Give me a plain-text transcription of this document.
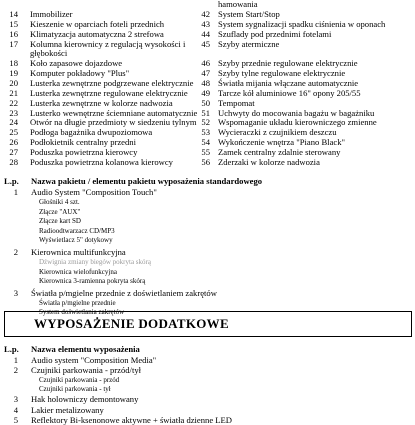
14 Immobilizer
15 Kieszenie w oparciach foteli przednich
16 Klimatyzacja automatyczna 2 strefowa
17 Kolumna kierownicy z regulacją wysokości i
głębokości
18 Koło zapasowe dojazdowe
19 Komputer pokładowy "Plus"
20 Lusterka zewnętrzne podgrzewane elektrycznie
21 Lusterka zewnętrzne regulowane elektrycznie
22 Lusterka zewnętrzne w kolorze nadwozia
23 Lusterko wewnętrzne ściemniane automatycznie
24 Otwór na długie przedmioty w siedzeniu tylnym
25 Podłoga bagażnika dwupoziomowa
26 Podłokietnik centralny przedni
27 Poduszka powietrzna kierowcy
28 Poduszka powietrzna kolanowa kierowcy
42 System Start/Stop
43 System sygnalizacji spadku ciśnienia w oponach
44 Szuflady pod przednimi fotelami
45 Szyby atermiczne
46 Szyby przednie regulowane elektrycznie
47 Szyby tylne regulowane elektrycznie
48 Światła mijania włączane automatycznie
49 Tarcze kół aluminiowe 16" opony 205/55
50 Tempomat
51 Uchwyty do mocowania bagażu w bagażniku
52 Wspomaganie układu kierowniczego zmienne
53 Wycieraczki z czujnikiem deszczu
54 Wykończenie wnętrza "Piano Black"
55 Zamek centralny zdalnie sterowany
56 Zderzaki w kolorze nadwozia
hamowania
L.p. Nazwa pakietu / elementu pakietu wyposażenia standardowego
1 Audio System "Composition Touch"
Głośniki 4 szt.
Złącze "AUX"
Złącze kart SD
Radioodtwarzacz CD/MP3
Wyświetlacz 5" dotykowy
2 Kierownica multifunkcyjna
Dźwignia zmiany biegów pokryta skórą
Kierownica wielofunkcyjna
Kierownica 3-ramienna pokryta skórą
3 Światła p/mgielne przednie z doświetlaniem zakrętów
Światła p/mgielne przednie
System doświetlania zakrętów
WYPOSAŻENIE DODATKOWE
L.p. Nazwa elementu wyposażenia
1 Audio system "Composition Media"
2 Czujniki parkowania - przód/tył
Czujniki parkowania - przód
Czujniki parkowania - tył
3 Hak holowniczy demontowany
4 Lakier metalizowany
5 Reflektory Bi-ksenonowe aktywne + światła dzienne LED
